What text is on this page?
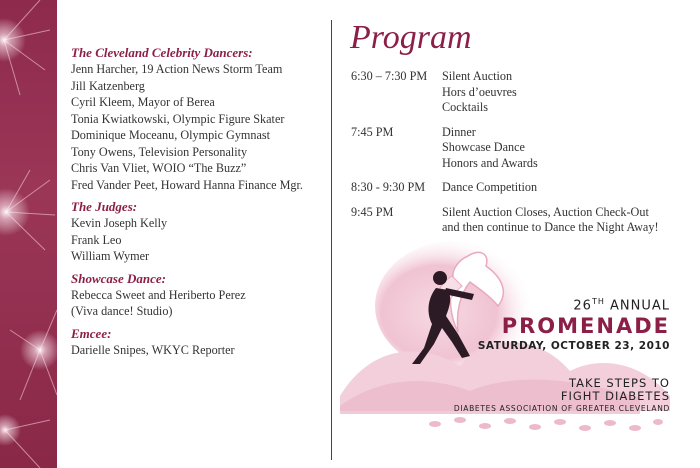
The Cleveland Celebrity Dancers:
Jenn Harcher, 19 Action News Storm Team
Jill Katzenberg
Cyril Kleem, Mayor of Berea
Tonia Kwiatkowski, Olympic Figure Skater
Dominique Moceanu, Olympic Gymnast
Tony Owens, Television Personality
Chris Van Vliet, WOIO “The Buzz”
Fred Vander Peet, Howard Hanna Finance Mgr.
The Judges:
Kevin Joseph Kelly
Frank Leo
William Wymer
Showcase Dance:
Rebecca Sweet and Heriberto Perez
(Viva dance! Studio)
Emcee:
Darielle Snipes, WKYC Reporter
Program
6:30 – 7:30 PM	Silent Auction
Hors d’oeuvres
Cocktails
7:45 PM	Dinner
Showcase Dance
Honors and Awards
8:30 - 9:30 PM	Dance Competition
9:45 PM	Silent Auction Closes, Auction Check-Out
and then continue to Dance the Night Away!
26TH ANNUAL
PROMENADE
SATURDAY, OCTOBER 23, 2010
TAKE STEPS TO
FIGHT DIABETES
DIABETES ASSOCIATION OF GREATER CLEVELAND
